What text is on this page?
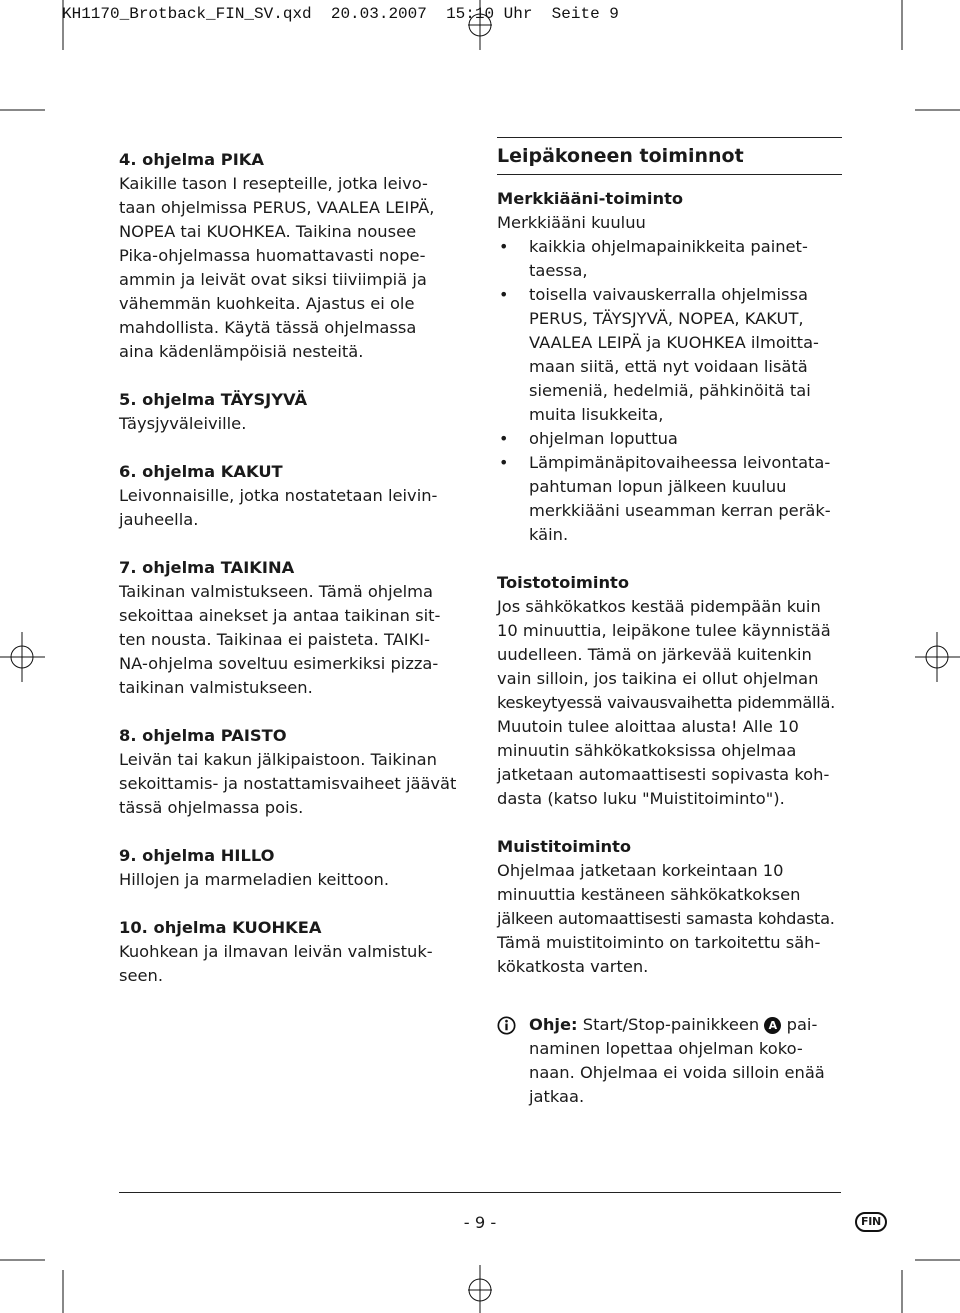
KH1170_Brotback_FIN_SV.qxd  20.03.2007  15:10 Uhr  Seite 9
4. ohjelma PIKA
Kaikille tason I resepteille, jotka leivo-
taan ohjelmissa PERUS, VAALEA LEIPÄ,
NOPEA tai KUOHKEA. Taikina nousee
Pika-ohjelmassa huomattavasti nope-
ammin ja leivät ovat siksi tiiviimpiä ja
vähemmän kuohkeita. Ajastus ei ole
mahdollista. Käytä tässä ohjelmassa
aina kädenlämpöisiä nesteitä.
5. ohjelma TÄYSJYVÄ
Täysjyväleiville.
6. ohjelma KAKUT
Leivonnaisille, jotka nostatetaan leivin-
jauheella.
7. ohjelma TAIKINA
Taikinan valmistukseen. Tämä ohjelma
sekoittaa ainekset ja antaa taikinan sit-
ten nousta. Taikinaa ei paisteta. TAIKI-
NA-ohjelma soveltuu esimerkiksi pizza-
taikinan valmistukseen.
8. ohjelma PAISTO
Leivän tai kakun jälkipaistoon. Taikinan
sekoittamis- ja nostattamisvaiheet jäävät
tässä ohjelmassa pois.
9. ohjelma HILLO
Hillojen ja marmeladien keittoon.
10. ohjelma KUOHKEA
Kuohkean ja ilmavan leivän valmistuk-
seen.
Leipäkoneen toiminnot
Merkkiääni-toiminto
Merkkiääni kuuluu
• kaikkia ohjelmapainikkeita painet-
taessa,
• toisella vaivauskerralla ohjelmissa
PERUS, TÄYSJYVÄ, NOPEA, KAKUT,
VAALEA LEIPÄ ja KUOHKEA ilmoitta-
maan siitä, että nyt voidaan lisätä
siemeniä, hedelmiä, pähkinöitä tai
muita lisukkeita,
• ohjelman loputtua
• Lämpimänäpitovaiheessa leivontata-
pahtuman lopun jälkeen kuuluu
merkkiääni useamman kerran peräk-
käin.
Toistotoiminto
Jos sähkökatkos kestää pidempään kuin
10 minuuttia, leipäkone tulee käynnistää
uudelleen. Tämä on järkevää kuitenkin
vain silloin, jos taikina ei ollut ohjelman
keskeytyessä vaivausvaihetta pidemmällä.
Muutoin tulee aloittaa alusta! Alle 10
minuutin sähkökatkoksissa ohjelmaa
jatketaan automaattisesti sopivasta koh-
dasta (katso luku "Muistitoiminto").
Muistitoiminto
Ohjelmaa jatketaan korkeintaan 10
minuuttia kestäneen sähkökatkoksen
jälkeen automaattisesti samasta kohdasta.
Tämä muistitoiminto on tarkoitettu säh-
kökatkosta varten.
Ohje: Start/Stop-painikkeen A pai-
naminen lopettaa ohjelman koko-
naan. Ohjelmaa ei voida silloin enää
jatkaa.
- 9 -	FIN
